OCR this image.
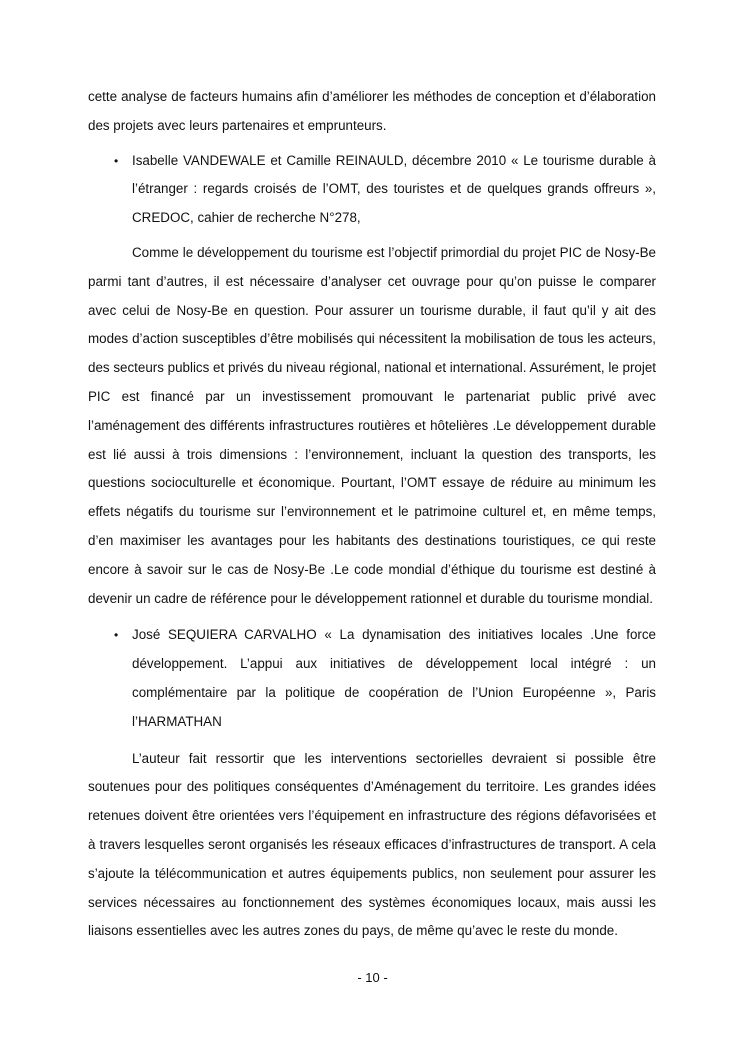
cette analyse de facteurs humains afin d’améliorer les méthodes de conception et d’élaboration des projets avec leurs partenaires et emprunteurs.

• Isabelle VANDEWALE et Camille REINAULD, décembre 2010 « Le tourisme durable à l’étranger : regards croisés de l’OMT, des touristes et de quelques grands offreurs », CREDOC, cahier de recherche N°278,

Comme le développement du tourisme est l’objectif primordial du projet PIC de Nosy-Be parmi tant d’autres, il est nécessaire d’analyser cet ouvrage pour qu’on puisse le comparer avec celui de Nosy-Be en question. Pour assurer un tourisme durable, il faut qu’il y ait des modes d’action susceptibles d’être mobilisés qui nécessitent la mobilisation de tous les acteurs, des secteurs publics et privés du niveau régional, national et international. Assurément, le projet PIC est financé par un investissement promouvant le partenariat public privé avec l’aménagement des différents infrastructures routières et hôtelières .Le développement durable est lié aussi à trois dimensions : l’environnement, incluant la question des transports, les questions socioculturelle et économique. Pourtant, l’OMT essaye de réduire au minimum les effets négatifs du tourisme sur l’environnement et le patrimoine culturel et, en même temps, d’en maximiser les avantages pour les habitants des destinations touristiques, ce qui reste encore à savoir sur le cas de Nosy-Be .Le code mondial d’éthique du tourisme est destiné à devenir un cadre de référence pour le développement rationnel et durable du tourisme mondial.

• José SEQUIERA CARVALHO « La dynamisation des initiatives locales .Une force développement. L’appui aux initiatives de développement local intégré : un complémentaire par la politique de coopération de l’Union Européenne », Paris l’HARMATHAN

L’auteur fait ressortir que les interventions sectorielles devraient si possible être soutenues pour des politiques conséquentes d’Aménagement du territoire. Les grandes idées retenues doivent être orientées vers l’équipement en infrastructure des régions défavorisées et à travers lesquelles seront organisés les réseaux efficaces d’infrastructures de transport. A cela s’ajoute la télécommunication et autres équipements publics, non seulement pour assurer les services nécessaires au fonctionnement des systèmes économiques locaux, mais aussi les liaisons essentielles avec les autres zones du pays, de même qu’avec le reste du monde.

- 10 -
